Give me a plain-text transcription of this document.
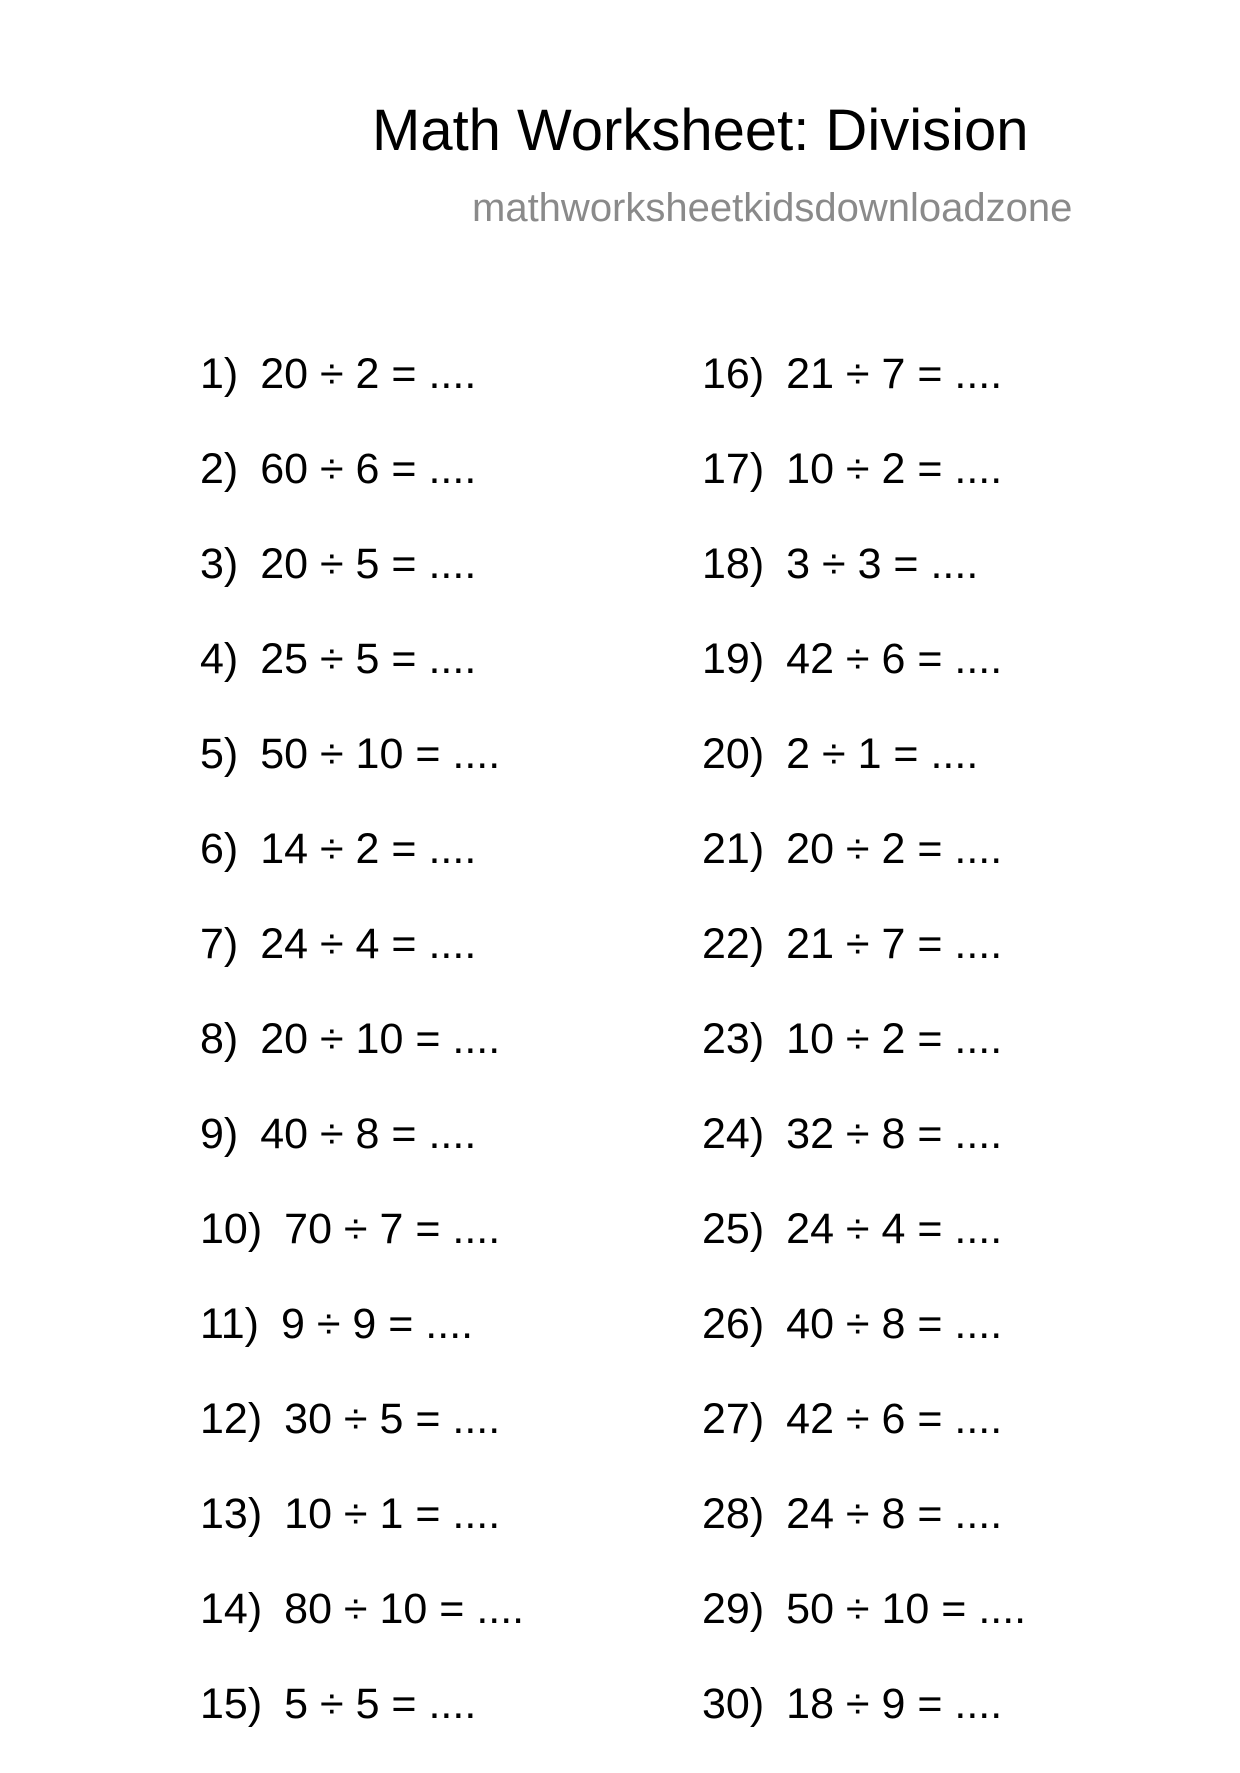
Math Worksheet: Division
mathworksheetkidsdownloadzone
1) 20 ÷ 2 = ....
2) 60 ÷ 6 = ....
3) 20 ÷ 5 = ....
4) 25 ÷ 5 = ....
5) 50 ÷ 10 = ....
6) 14 ÷ 2 = ....
7) 24 ÷ 4 = ....
8) 20 ÷ 10 = ....
9) 40 ÷ 8 = ....
10) 70 ÷ 7 = ....
11) 9 ÷ 9 = ....
12) 30 ÷ 5 = ....
13) 10 ÷ 1 = ....
14) 80 ÷ 10 = ....
15) 5 ÷ 5 = ....
16) 21 ÷ 7 = ....
17) 10 ÷ 2 = ....
18) 3 ÷ 3 = ....
19) 42 ÷ 6 = ....
20) 2 ÷ 1 = ....
21) 20 ÷ 2 = ....
22) 21 ÷ 7 = ....
23) 10 ÷ 2 = ....
24) 32 ÷ 8 = ....
25) 24 ÷ 4 = ....
26) 40 ÷ 8 = ....
27) 42 ÷ 6 = ....
28) 24 ÷ 8 = ....
29) 50 ÷ 10 = ....
30) 18 ÷ 9 = ....
